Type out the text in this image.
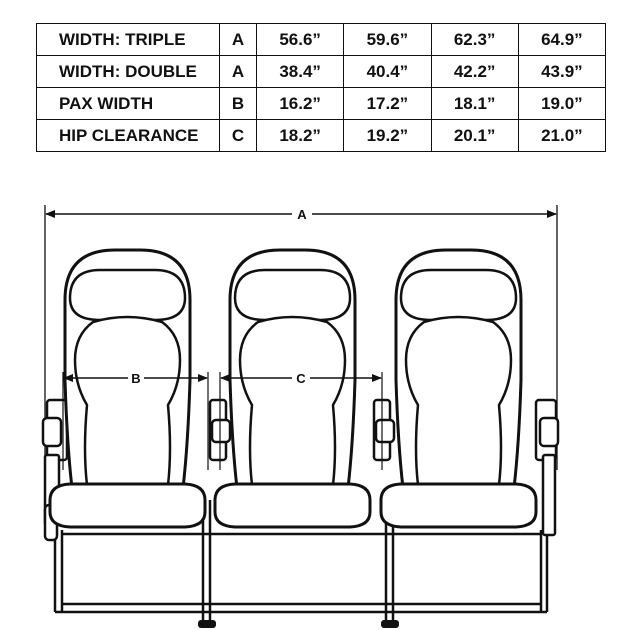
WIDTH: TRIPLE	A	56.6”	59.6”	62.3”	64.9”
WIDTH: DOUBLE	A	38.4”	40.4”	42.2”	43.9”
PAX WIDTH	B	16.2”	17.2”	18.1”	19.0”
HIP CLEARANCE	C	18.2”	19.2”	20.1”	21.0”
A
B	C
